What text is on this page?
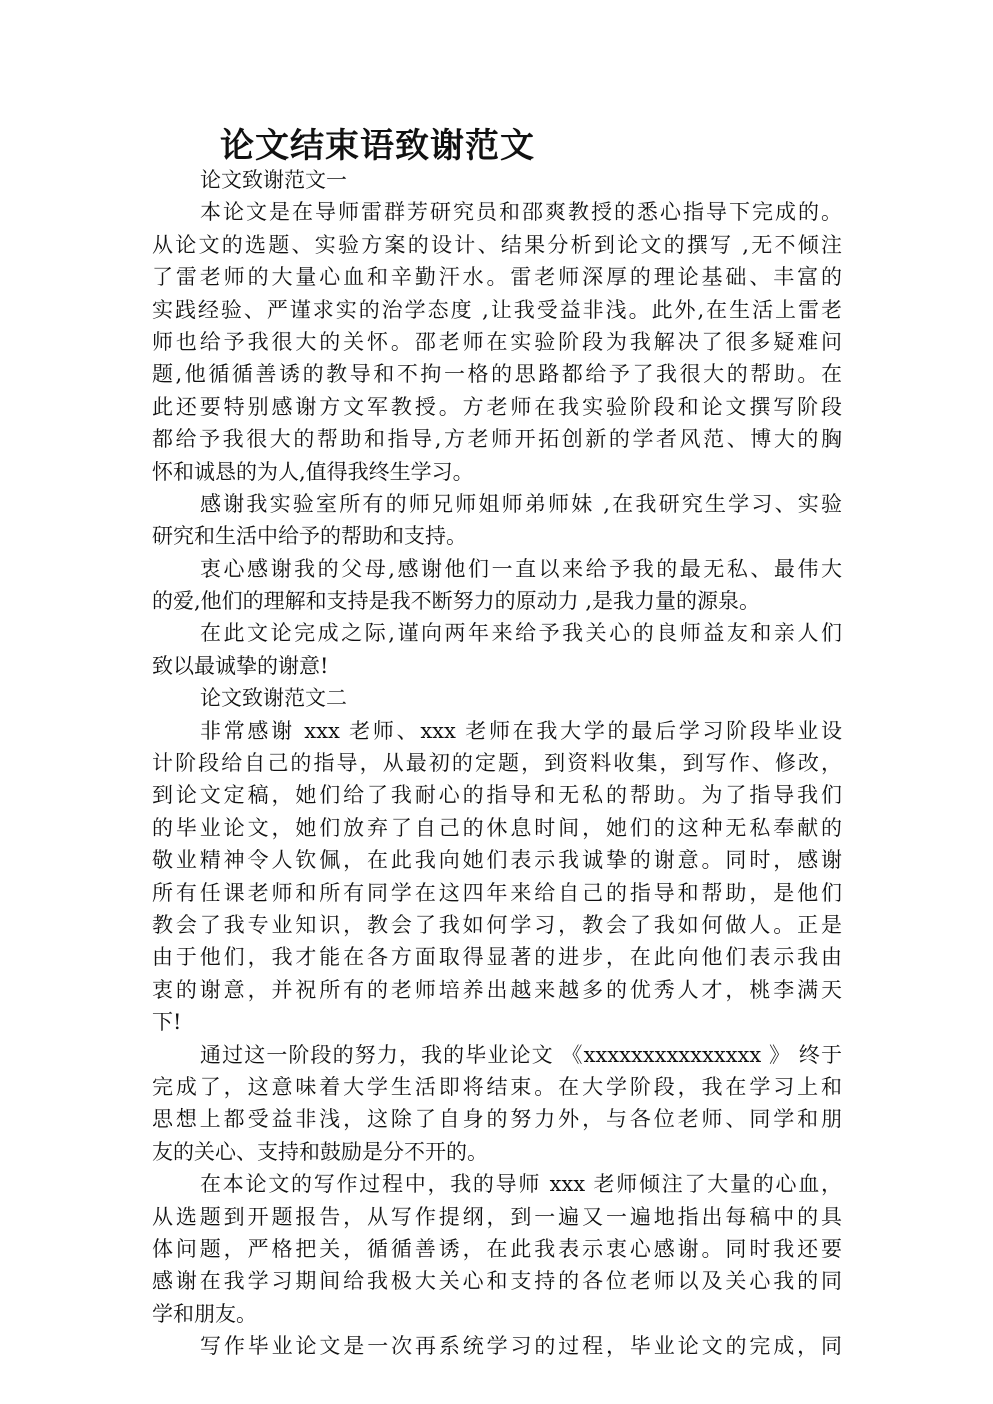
论文结束语致谢范文
论文致谢范文一
本论文是在导师雷群芳研究员和邵爽教授的悉心指导下完成的。
从论文的选题、实验方案的设计、结果分析到论文的撰写 ,无不倾注
了雷老师的大量心血和辛勤汗水。雷老师深厚的理论基础、丰富的
实践经验、严谨求实的治学态度 ,让我受益非浅。此外,在生活上雷老
师也给予我很大的关怀。邵老师在实验阶段为我解决了很多疑难问
题,他循循善诱的教导和不拘一格的思路都给予了我很大的帮助。在
此还要特别感谢方文军教授。方老师在我实验阶段和论文撰写阶段
都给予我很大的帮助和指导,方老师开拓创新的学者风范、博大的胸
怀和诚恳的为人,值得我终生学习。
感谢我实验室所有的师兄师姐师弟师妹 ,在我研究生学习、实验
研究和生活中给予的帮助和支持。
衷心感谢我的父母,感谢他们一直以来给予我的最无私、最伟大
的爱,他们的理解和支持是我不断努力的原动力 ,是我力量的源泉。
在此文论完成之际,谨向两年来给予我关心的良师益友和亲人们
致以最诚挚的谢意!
论文致谢范文二
非常感谢 xxx 老师、xxx 老师在我大学的最后学习阶段毕业设
计阶段给自己的指导，从最初的定题，到资料收集，到写作、修改，
到论文定稿，她们给了我耐心的指导和无私的帮助。为了指导我们
的毕业论文，她们放弃了自己的休息时间，她们的这种无私奉献的
敬业精神令人钦佩，在此我向她们表示我诚挚的谢意。同时，感谢
所有任课老师和所有同学在这四年来给自己的指导和帮助，是他们
教会了我专业知识，教会了我如何学习，教会了我如何做人。正是
由于他们，我才能在各方面取得显著的进步，在此向他们表示我由
衷的谢意，并祝所有的老师培养出越来越多的优秀人才，桃李满天
下!
通过这一阶段的努力，我的毕业论文 《xxxxxxxxxxxxxxx 》 终于
完成了，这意味着大学生活即将结束。在大学阶段，我在学习上和
思想上都受益非浅，这除了自身的努力外，与各位老师、同学和朋
友的关心、支持和鼓励是分不开的。
在本论文的写作过程中，我的导师 xxx 老师倾注了大量的心血，
从选题到开题报告，从写作提纲，到一遍又一遍地指出每稿中的具
体问题，严格把关，循循善诱，在此我表示衷心感谢。同时我还要
感谢在我学习期间给我极大关心和支持的各位老师以及关心我的同
学和朋友。
写作毕业论文是一次再系统学习的过程，毕业论文的完成，同
